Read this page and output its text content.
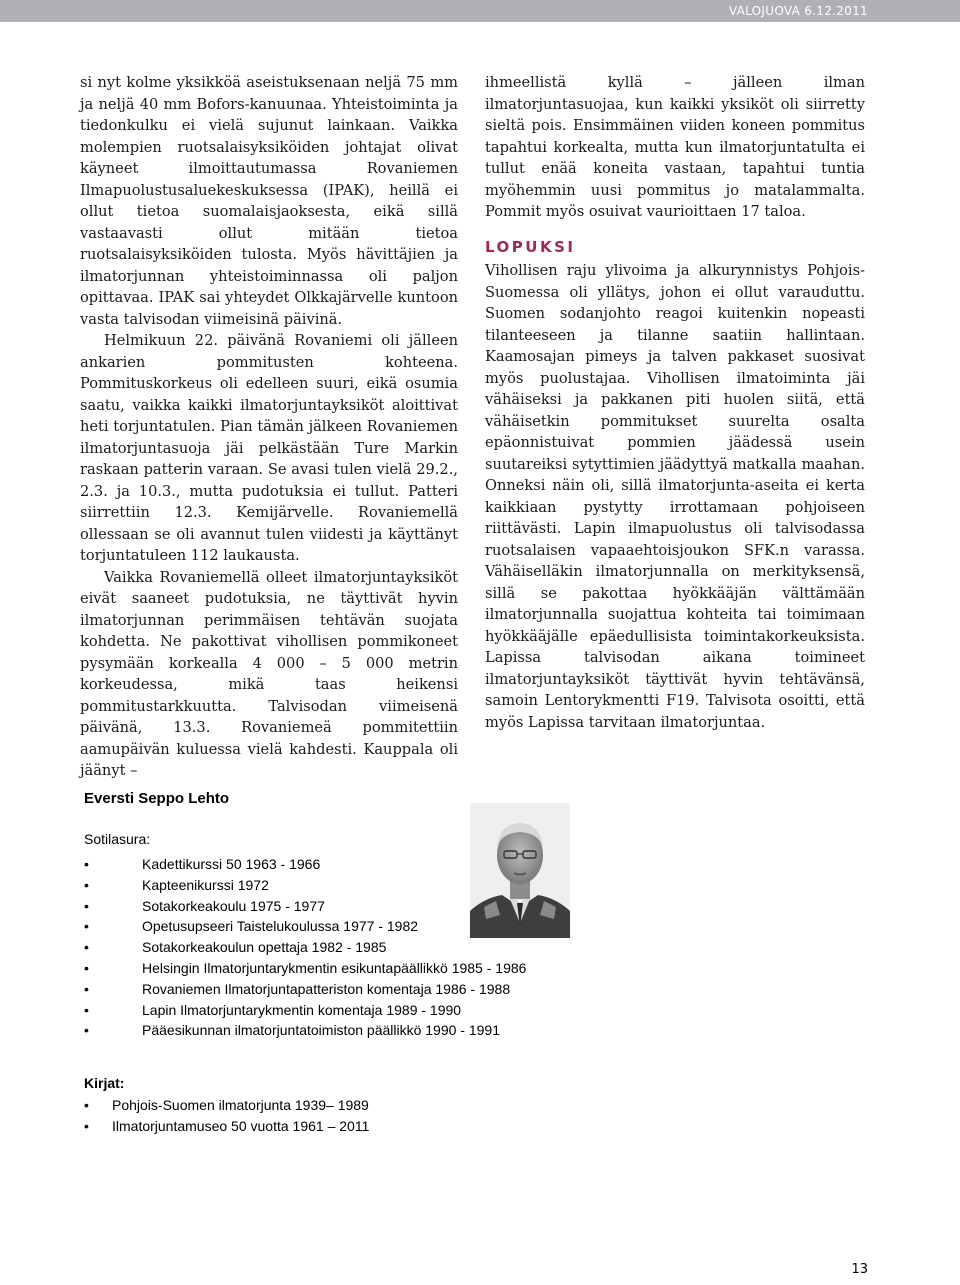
VALOJUOVA 6.12.2011

si nyt kolme yksikköä aseistuksenaan neljä 75 mm ja neljä 40 mm Bofors-kanuunaa. Yhteistoiminta ja tiedonkulku ei vielä sujunut lainkaan. Vaikka molempien ruotsalaisyksiköiden johtajat olivat käyneet ilmoittautumassa Rovaniemen Ilmapuolustusaluekeskuksessa (IPAK), heillä ei ollut tietoa suomalaisjaoksesta, eikä sillä vastaavasti ollut mitään tietoa ruotsalaisyksiköiden tulosta. Myös hävittäjien ja ilmatorjunnan yhteistoiminnassa oli paljon opittavaa. IPAK sai yhteydet Olkkajärvelle kuntoon vasta talvisodan viimeisinä päivinä.

Helmikuun 22. päivänä Rovaniemi oli jälleen ankarien pommitusten kohteena. Pommituskorkeus oli edelleen suuri, eikä osumia saatu, vaikka kaikki ilmatorjuntayksiköt aloittivat heti torjuntatulen. Pian tämän jälkeen Rovaniemen ilmatorjuntasuoja jäi pelkästään Ture Markin raskaan patterin varaan. Se avasi tulen vielä 29.2., 2.3. ja 10.3., mutta pudotuksia ei tullut. Patteri siirrettiin 12.3. Kemijärvelle. Rovaniemellä ollessaan se oli avannut tulen viidesti ja käyttänyt torjuntatuleen 112 laukausta.

Vaikka Rovaniemellä olleet ilmatorjuntayksiköt eivät saaneet pudotuksia, ne täyttivät hyvin ilmatorjunnan perimmäisen tehtävän suojata kohdetta. Ne pakottivat vihollisen pommikoneet pysymään korkealla 4 000 – 5 000 metrin korkeudessa, mikä taas heikensi pommitustarkkuutta. Talvisodan viimeisenä päivänä, 13.3. Rovaniemeä pommitettiin aamupäivän kuluessa vielä kahdesti. Kauppala oli jäänyt –

ihmeellistä kyllä – jälleen ilman ilmatorjuntasuojaa, kun kaikki yksiköt oli siirretty sieltä pois. Ensimmäinen viiden koneen pommitus tapahtui korkealta, mutta kun ilmatorjuntatulta ei tullut enää koneita vastaan, tapahtui tuntia myöhemmin uusi pommitus jo matalammalta. Pommit myös osuivat vaurioittaen 17 taloa.

LOPUKSI

Vihollisen raju ylivoima ja alkurynnistys Pohjois-Suomessa oli yllätys, johon ei ollut varauduttu. Suomen sodanjohto reagoi kuitenkin nopeasti tilanteeseen ja tilanne saatiin hallintaan. Kaamosajan pimeys ja talven pakkaset suosivat myös puolustajaa. Vihollisen ilmatoiminta jäi vähäiseksi ja pakkanen piti huolen siitä, että vähäisetkin pommitukset suurelta osalta epäonnistuivat pommien jäädessä usein suutareiksi sytyttimien jäädyttyä matkalla maahan. Onneksi näin oli, sillä ilmatorjunta-aseita ei kerta kaikkiaan pystytty irrottamaan pohjoiseen riittävästi. Lapin ilmapuolustus oli talvisodassa ruotsalaisen vapaaehtoisjoukon SFK.n varassa. Vähäiselläkin ilmatorjunnalla on merkityksensä, sillä se pakottaa hyökkääjän välttämään ilmatorjunnalla suojattua kohteita tai toimimaan hyökkääjälle epäedullisista toimintakorkeuksista. Lapissa talvisodan aikana toimineet ilmatorjuntayksiköt täyttivät hyvin tehtävänsä, samoin Lentorykmentti F19. Talvisota osoitti, että myös Lapissa tarvitaan ilmatorjuntaa.

Eversti Seppo Lehto
Sotilasura:
•	Kadettikurssi 50 1963 - 1966
•	Kapteenikurssi 1972
•	Sotakorkeakoulu 1975 - 1977
•	Opetusupseeri Taistelukoulussa 1977 - 1982
•	Sotakorkeakoulun opettaja 1982 - 1985
•	Helsingin Ilmatorjuntarykmentin esikuntapäällikkö 1985 - 1986
•	Rovaniemen Ilmatorjuntapatteriston komentaja 1986 - 1988
•	Lapin Ilmatorjuntarykmentin komentaja 1989 - 1990
•	Pääesikunnan ilmatorjuntatoimiston päällikkö 1990 - 1991
Kirjat:
• Pohjois-Suomen ilmatorjunta 1939– 1989
• Ilmatorjuntamuseo 50 vuotta 1961 – 2011
13
